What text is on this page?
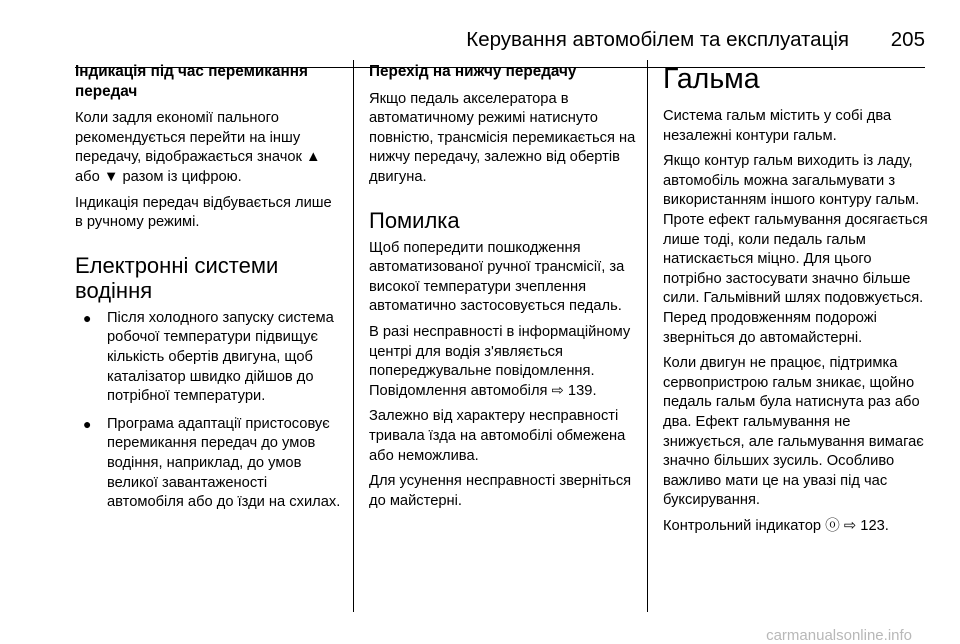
Керування автомобілем та експлуатація 205
Індикація під час перемикання передач

Коли задля економії пального рекомендується перейти на іншу передачу, відображається значок ▲ або ▼ разом із цифрою.

Індикація передач відбувається лише в ручному режимі.

Електронні системи водіння
● Після холодного запуску система робочої температури підвищує кількість обертів двигуна, щоб каталізатор швидко дійшов до потрібної температури.
● Програма адаптації пристосовує перемикання передач до умов водіння, наприклад, до умов великої завантаженості автомобіля або до їзди на схилах.
Перехід на нижчу передачу

Якщо педаль акселератора в автоматичному режимі натиснуто повністю, трансмісія перемикається на нижчу передачу, залежно від обертів двигуна.

Помилка

Щоб попередити пошкодження автоматизованої ручної трансмісії, за високої температури зчеплення автоматично застосовується педаль.

В разі несправності в інформаційному центрі для водія з'являється попереджувальне повідомлення. Повідомлення автомобіля ⇨ 139.

Залежно від характеру несправності тривала їзда на автомобілі обмежена або неможлива.

Для усунення несправності зверніться до майстерні.

Гальма

Система гальм містить у собі два незалежні контури гальм.

Якщо контур гальм виходить із ладу, автомобіль можна загальмувати з використанням іншого контуру гальм. Проте ефект гальмування досягається лише тоді, коли педаль гальм натискається міцно. Для цього потрібно застосувати значно більше сили. Гальмівний шлях подовжується. Перед продовженням подорожі зверніться до автомайстерні.

Коли двигун не працює, підтримка сервопристрою гальм зникає, щойно педаль гальм була натиснута раз або два. Ефект гальмування не знижується, але гальмування вимагає значно більших зусиль. Особливо важливо мати це на увазі під час буксирування.

Контрольний індикатор ⓞ ⇨ 123.

carmanualsonline.info
